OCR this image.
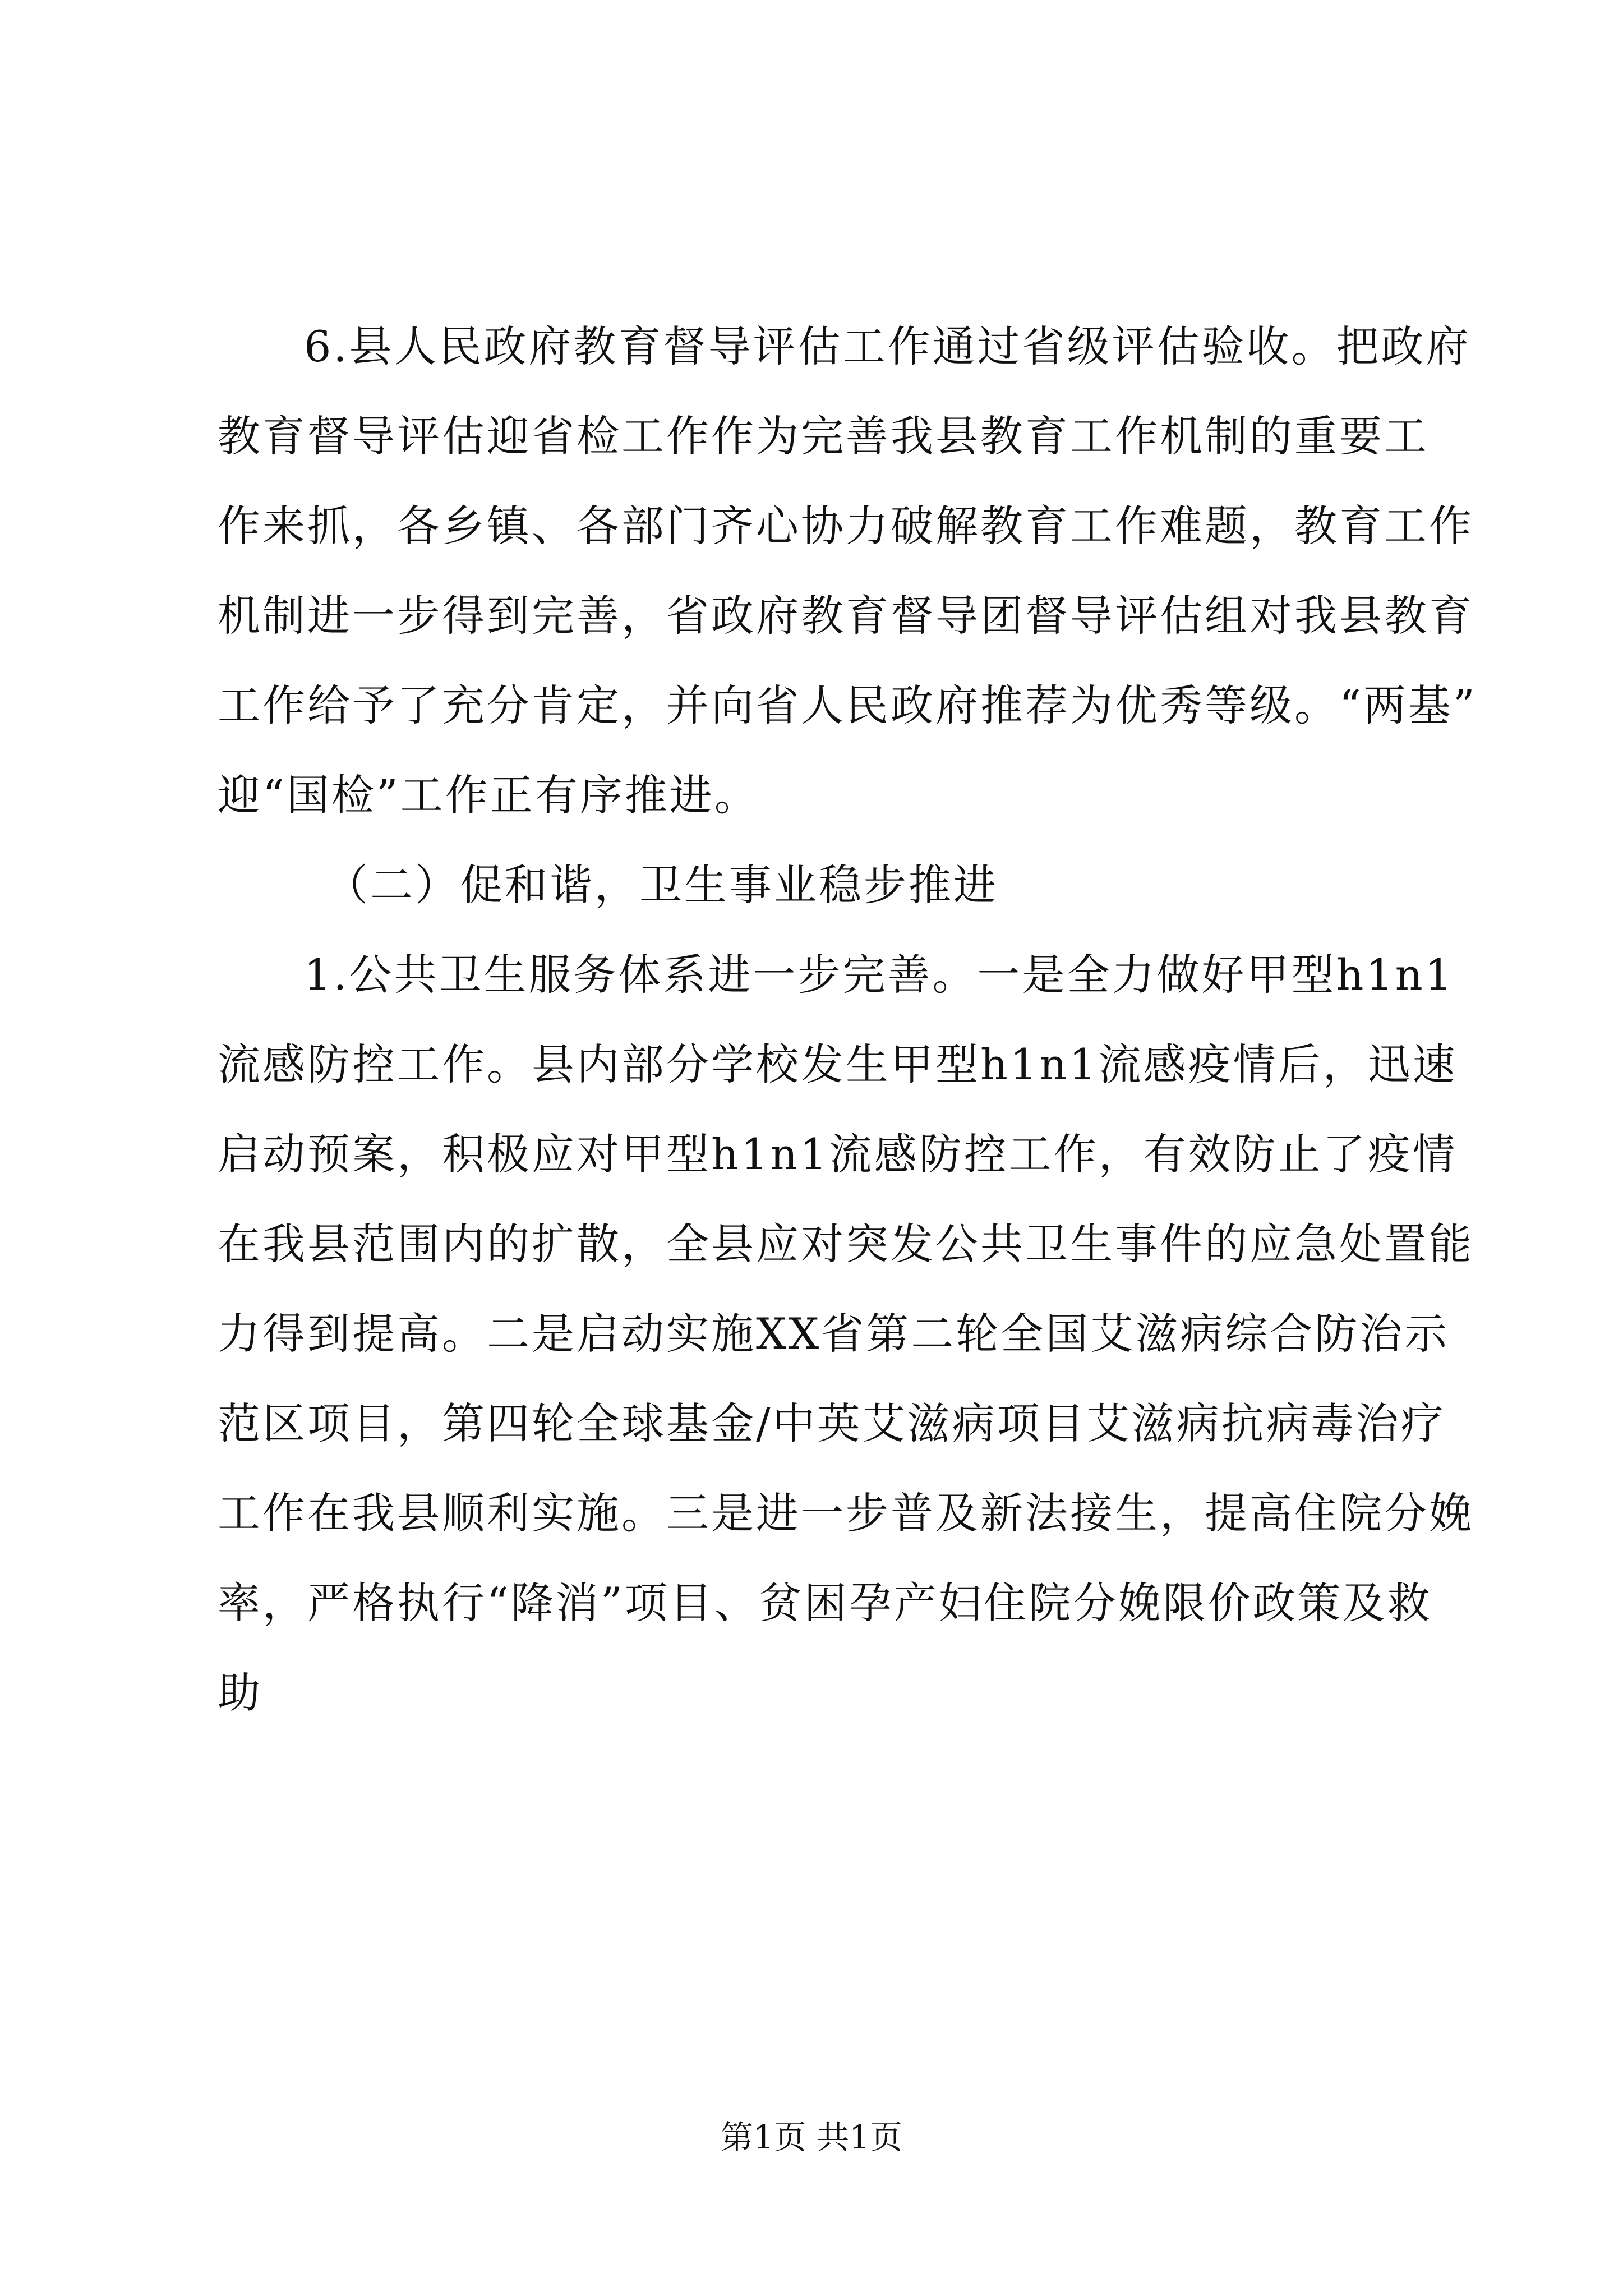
6.县人民政府教育督导评估工作通过省级评估验收。把政府
教育督导评估迎省检工作作为完善我县教育工作机制的重要工
作来抓，各乡镇、各部门齐心协力破解教育工作难题，教育工作
机制进一步得到完善，省政府教育督导团督导评估组对我县教育
工作给予了充分肯定，并向省人民政府推荐为优秀等级。“两基”
迎“国检”工作正有序推进。
（二）促和谐，卫生事业稳步推进
1.公共卫生服务体系进一步完善。一是全力做好甲型h1n1
流感防控工作。县内部分学校发生甲型h1n1流感疫情后，迅速
启动预案，积极应对甲型h1n1流感防控工作，有效防止了疫情
在我县范围内的扩散，全县应对突发公共卫生事件的应急处置能
力得到提高。二是启动实施XX省第二轮全国艾滋病综合防治示
范区项目，第四轮全球基金/中英艾滋病项目艾滋病抗病毒治疗
工作在我县顺利实施。三是进一步普及新法接生，提高住院分娩
率，严格执行“降消”项目、贫困孕产妇住院分娩限价政策及救
助
第1页 共1页
